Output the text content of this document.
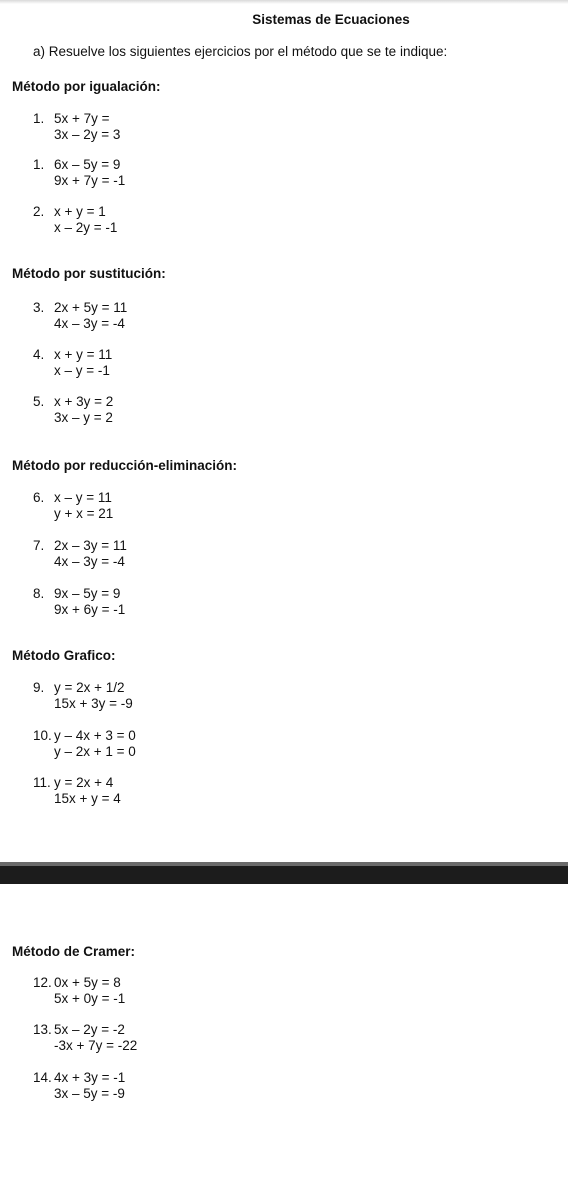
Sistemas de Ecuaciones
a) Resuelve los siguientes ejercicios por el método que se te indique:
Método por igualación:
1. 5x + 7y =
3x – 2y = 3
1. 6x – 5y = 9
9x + 7y = -1
2. x + y = 1
x – 2y = -1
Método por sustitución:
3. 2x + 5y = 11
4x – 3y = -4
4. x + y = 11
x – y = -1
5. x + 3y = 2
3x – y = 2
Método por reducción-eliminación:
6. x – y = 11
y + x = 21
7. 2x – 3y = 11
4x – 3y = -4
8. 9x – 5y = 9
9x + 6y = -1
Método Grafico:
9. y = 2x + 1/2
15x + 3y = -9
10. y – 4x + 3 = 0
y – 2x + 1 = 0
11. y = 2x + 4
15x + y = 4
Método de Cramer:
12. 0x + 5y = 8
5x + 0y = -1
13. 5x – 2y = -2
-3x + 7y = -22
14. 4x + 3y = -1
3x – 5y = -9
